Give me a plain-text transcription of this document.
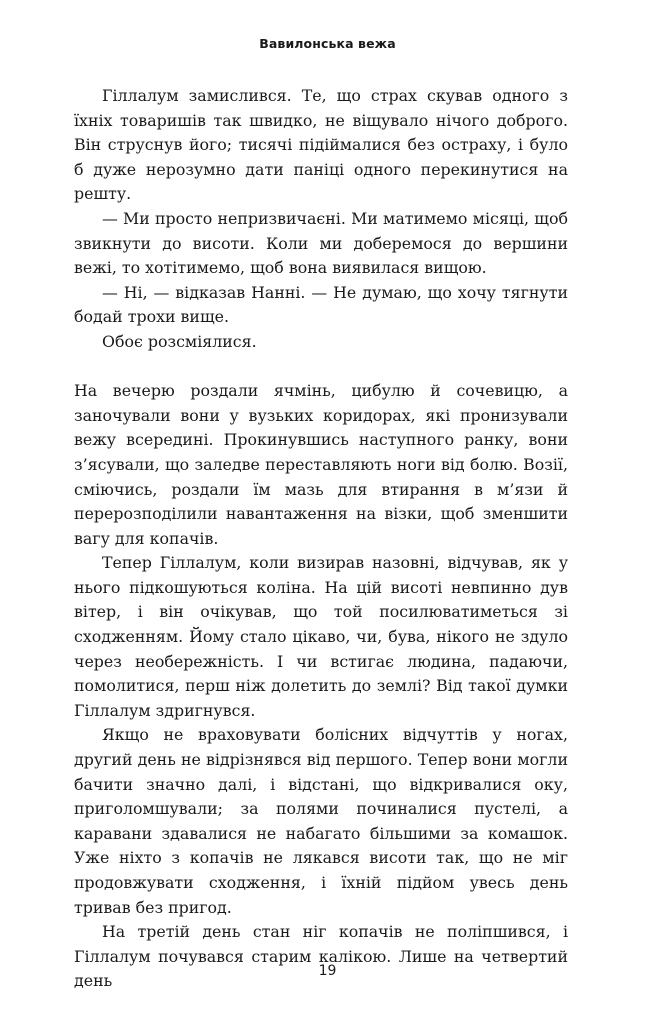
Вавилонська вежа

Гіллалум замислився. Те, що страх скував одного з їхніх товаришів так швидко, не віщувало нічого доброго. Він струснув його; тисячі підіймалися без остраху, і було б дуже нерозумно дати паніці одного перекинутися на решту.

— Ми просто непризвичаєні. Ми матимемо місяці, щоб звикнути до висоти. Коли ми доберемося до вершини вежі, то хотітимемо, щоб вона виявилася вищою.

— Ні, — відказав Нанні. — Не думаю, що хочу тягнути бодай трохи вище.

Обоє розсміялися.

На вечерю роздали ячмінь, цибулю й сочевицю, а заночували вони у вузьких коридорах, які пронизували вежу всередині. Прокинувшись наступного ранку, вони з’ясували, що заледве переставляють ноги від болю. Возії, сміючись, роздали їм мазь для втирання в м’язи й перерозподілили навантаження на візки, щоб зменшити вагу для копачів.

Тепер Гіллалум, коли визирав назовні, відчував, як у нього підкошуються коліна. На цій висоті невпинно дув вітер, і він очікував, що той посилюватиметься зі сходженням. Йому стало цікаво, чи, бува, нікого не здуло через необережність. І чи встигає людина, падаючи, помолитися, перш ніж долетить до землі? Від такої думки Гіллалум здригнувся.

Якщо не враховувати болісних відчуттів у ногах, другий день не відрізнявся від першого. Тепер вони могли бачити значно далі, і відстані, що відкривалися оку, приголомшували; за полями починалися пустелі, а каравани здавалися не набагато більшими за комашок. Уже ніхто з копачів не лякався висоти так, що не міг продовжувати сходження, і їхній підйом увесь день тривав без пригод.

На третій день стан ніг копачів не поліпшився, і Гіллалум почувався старим калікою. Лише на четвертий день

19
